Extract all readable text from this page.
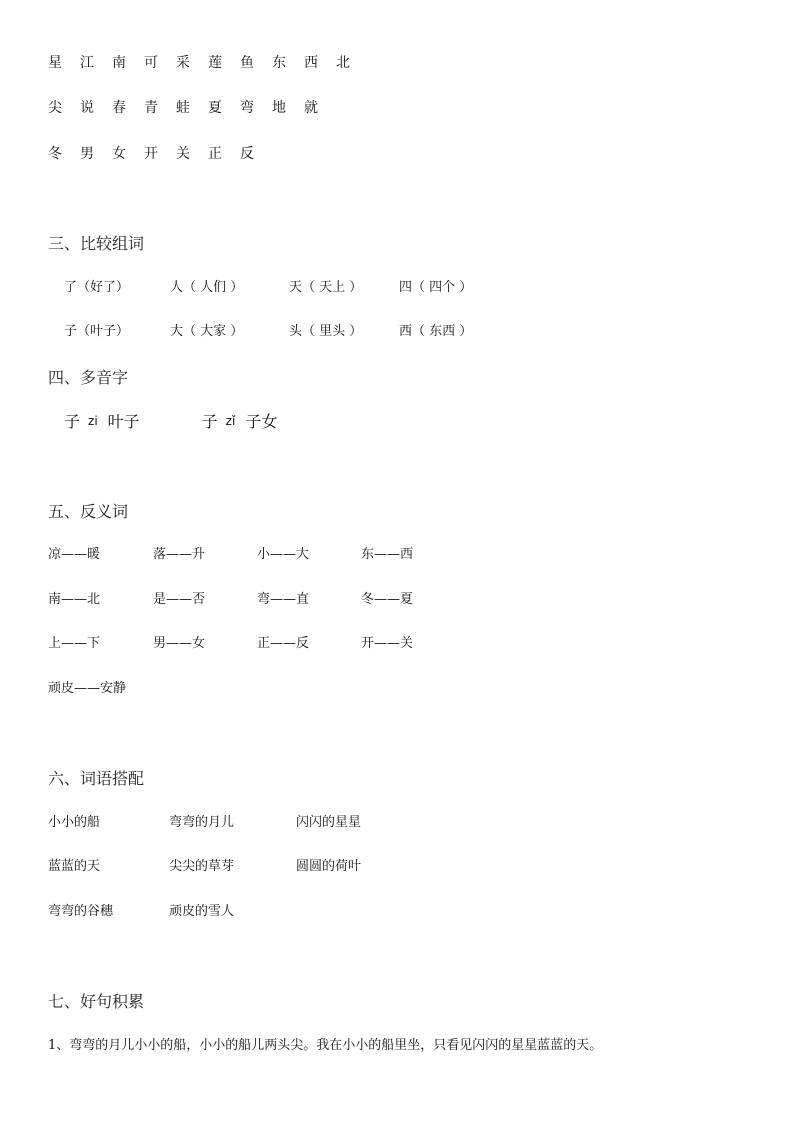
星	江	南	可	采	莲	鱼	东	西	北
尖	说	春	青	蛙	夏	弯	地	就
冬	男	女	开	关	正	反
三、比较组词
了（好了）	人（ 人们 ）	天（ 天上 ）	四（ 四个 ）
子（叶子）	大（ 大家 ）	头（ 里头 ）	西（ 东西 ）
四、多音字
子 zi 叶子	子 zǐ 子女
五、反义词
凉——暖	落——升	小——大	东——西
南——北	是——否	弯——直	冬——夏
上——下	男——女	正——反	开——关
顽皮——安静
六、词语搭配
小小的船	弯弯的月儿	闪闪的星星
蓝蓝的天	尖尖的草芽	圆圆的荷叶
弯弯的谷穗	顽皮的雪人
七、好句积累
1、弯弯的月儿小小的船，小小的船儿两头尖。我在小小的船里坐，只看见闪闪的星星蓝蓝的天。
